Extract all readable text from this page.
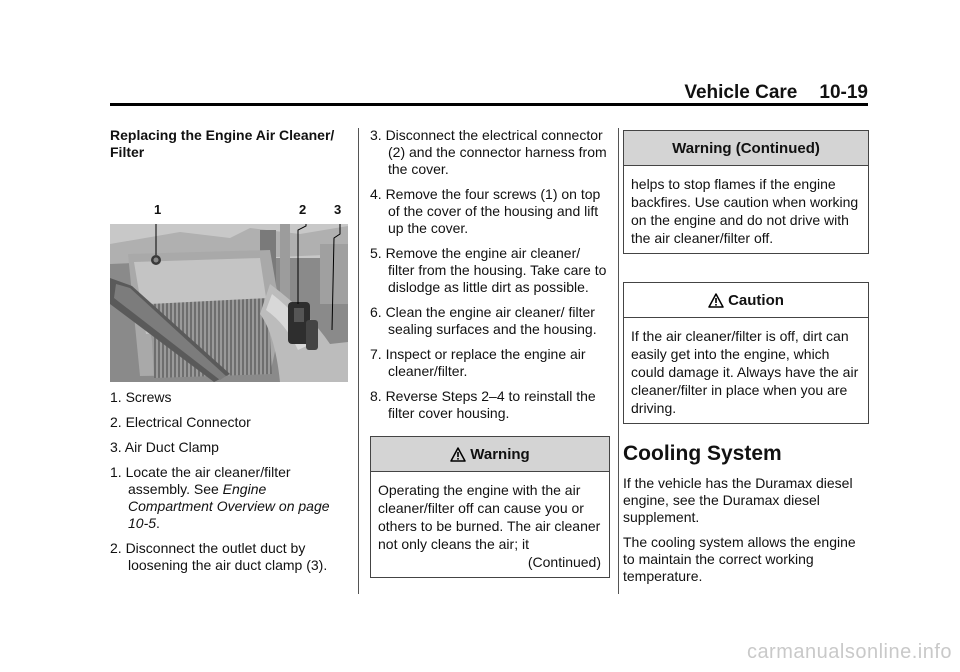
Vehicle Care 10-19

Replacing the Engine Air Cleaner/ Filter

1	2 3

1. Screws

2. Electrical Connector

3. Air Duct Clamp

1. Locate the air cleaner/filter assembly. See Engine Compartment Overview on page 10-5.

2. Disconnect the outlet duct by loosening the air duct clamp (3).

3. Disconnect the electrical connector (2) and the connector harness from the cover.

4. Remove the four screws (1) on top of the cover of the housing and lift up the cover.

5. Remove the engine air cleaner/ filter from the housing. Take care to dislodge as little dirt as possible.

6. Clean the engine air cleaner/ filter sealing surfaces and the housing.

7. Inspect or replace the engine air cleaner/filter.

8. Reverse Steps 2–4 to reinstall the filter cover housing.

Warning
Operating the engine with the air cleaner/filter off can cause you or others to be burned. The air cleaner not only cleans the air; it
(Continued)
Warning (Continued)
helps to stop flames if the engine backfires. Use caution when working on the engine and do not drive with the air cleaner/filter off.
Caution
If the air cleaner/filter is off, dirt can easily get into the engine, which could damage it. Always have the air cleaner/filter in place when you are driving.
Cooling System

If the vehicle has the Duramax diesel engine, see the Duramax diesel supplement.

The cooling system allows the engine to maintain the correct working temperature.

carmanualsonline.info
